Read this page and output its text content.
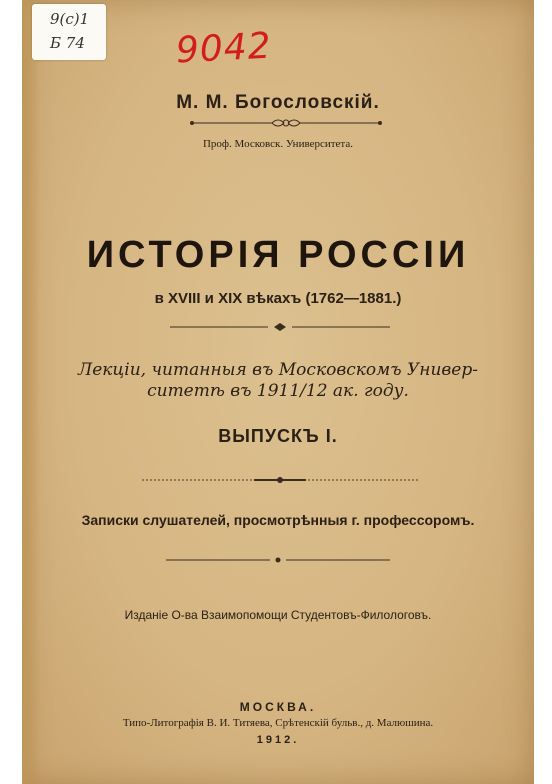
9(с)1
Б 74	9042
М. М. Богословскій.
Проф. Московск. Университета.
ИСТОРІЯ РОССІИ
в XVIII и XIX вѣкахъ (1762—1881.)
Лекціи, читанныя въ Московскомъ Универ-
ситетѣ въ 1911/12 ак. году.
ВЫПУСКЪ І.
Записки слушателей, просмотрѣнныя г. профессоромъ.
Изданіе О-ва Взаимопомощи Студентовъ-Филологовъ.
МОСКВА.
Типо-Литографія В. И. Титяева, Срѣтенскій бульв., д. Малюшина.
1912.
